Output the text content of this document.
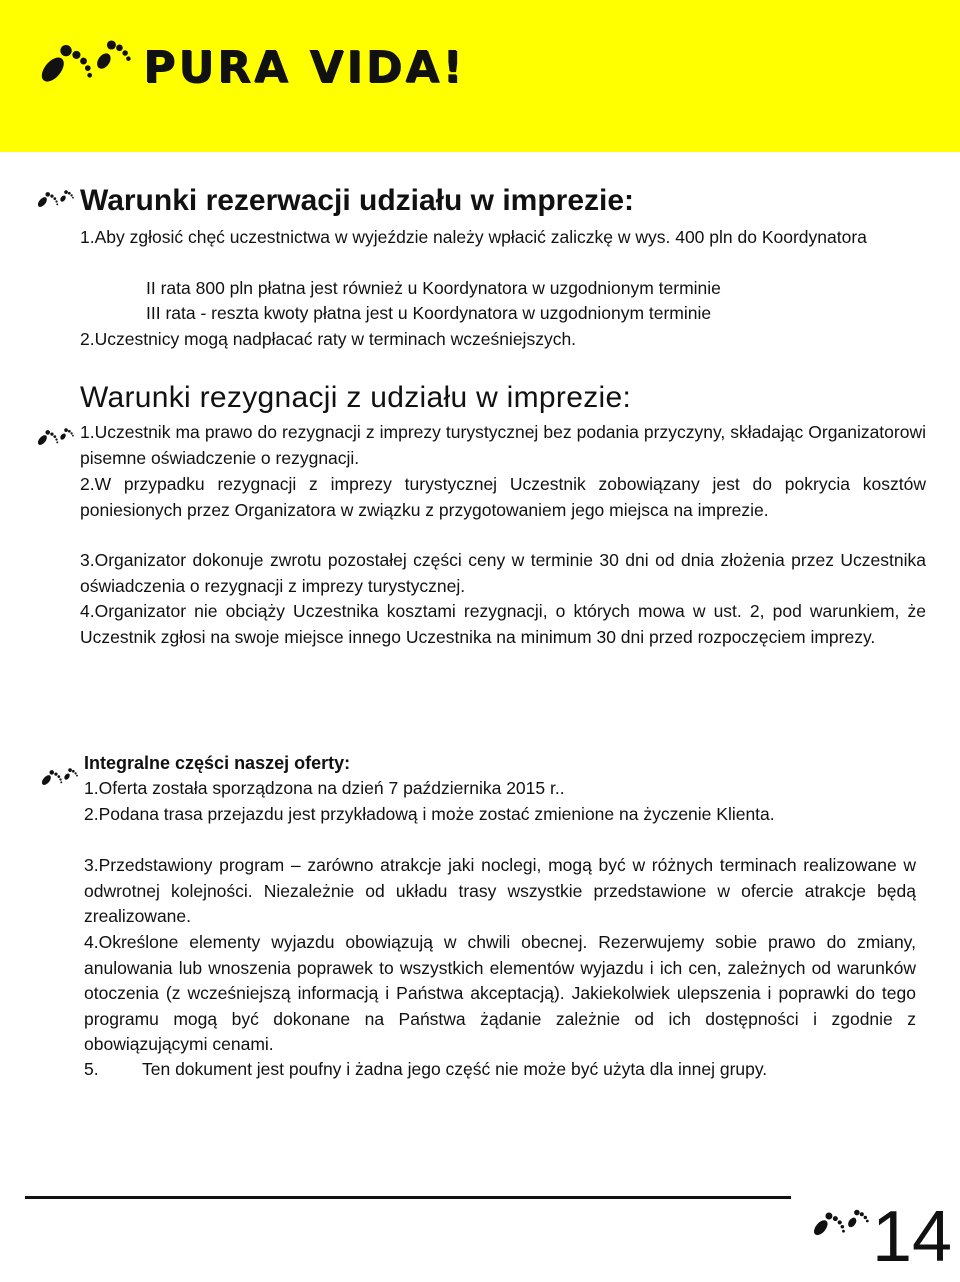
PURA VIDA!
Warunki rezerwacji udziału w imprezie:

1.Aby zgłosić chęć uczestnictwa w wyjeździe należy wpłacić zaliczkę w wys. 400 pln do Koordynatora

II rata 800 pln płatna jest również u Koordynatora w uzgodnionym terminie

III rata - reszta kwoty płatna jest u Koordynatora w uzgodnionym terminie

2.Uczestnicy mogą nadpłacać raty w terminach wcześniejszych.

Warunki rezygnacji z udziału w imprezie:

1.Uczestnik ma prawo do rezygnacji z imprezy turystycznej bez podania przyczyny, składając Organizatorowi pisemne oświadczenie o rezygnacji.

2.W przypadku rezygnacji z imprezy turystycznej Uczestnik zobowiązany jest do pokrycia kosztów poniesionych przez Organizatora w związku z przygotowaniem jego miejsca na imprezie.

3.Organizator dokonuje zwrotu pozostałej części ceny w terminie 30 dni od dnia złożenia przez Uczestnika oświadczenia o rezygnacji z imprezy turystycznej.

4.Organizator nie obciąży Uczestnika kosztami rezygnacji, o których mowa w ust. 2, pod warunkiem, że Uczestnik zgłosi na swoje miejsce innego Uczestnika na minimum 30 dni przed rozpoczęciem imprezy.

Integralne części naszej oferty:

1.Oferta została sporządzona na dzień 7 października 2015 r..

2.Podana trasa przejazdu jest przykładową i może zostać zmienione na życzenie Klienta.

3.Przedstawiony program – zarówno atrakcje jaki noclegi, mogą być w różnych terminach realizowane w odwrotnej kolejności. Niezależnie od układu trasy wszystkie przedstawione w ofercie atrakcje będą zrealizowane.

4.Określone elementy wyjazdu obowiązują w chwili obecnej. Rezerwujemy sobie prawo do zmiany, anulowania lub wnoszenia poprawek to wszystkich elementów wyjazdu i ich cen, zależnych od warunków otoczenia (z wcześniejszą informacją i Państwa akceptacją). Jakiekolwiek ulepszenia i poprawki do tego programu mogą być dokonane na Państwa żądanie zależnie od ich dostępności i zgodnie z obowiązującymi cenami.

5. Ten dokument jest poufny i żadna jego część nie może być użyta dla innej grupy.

14
